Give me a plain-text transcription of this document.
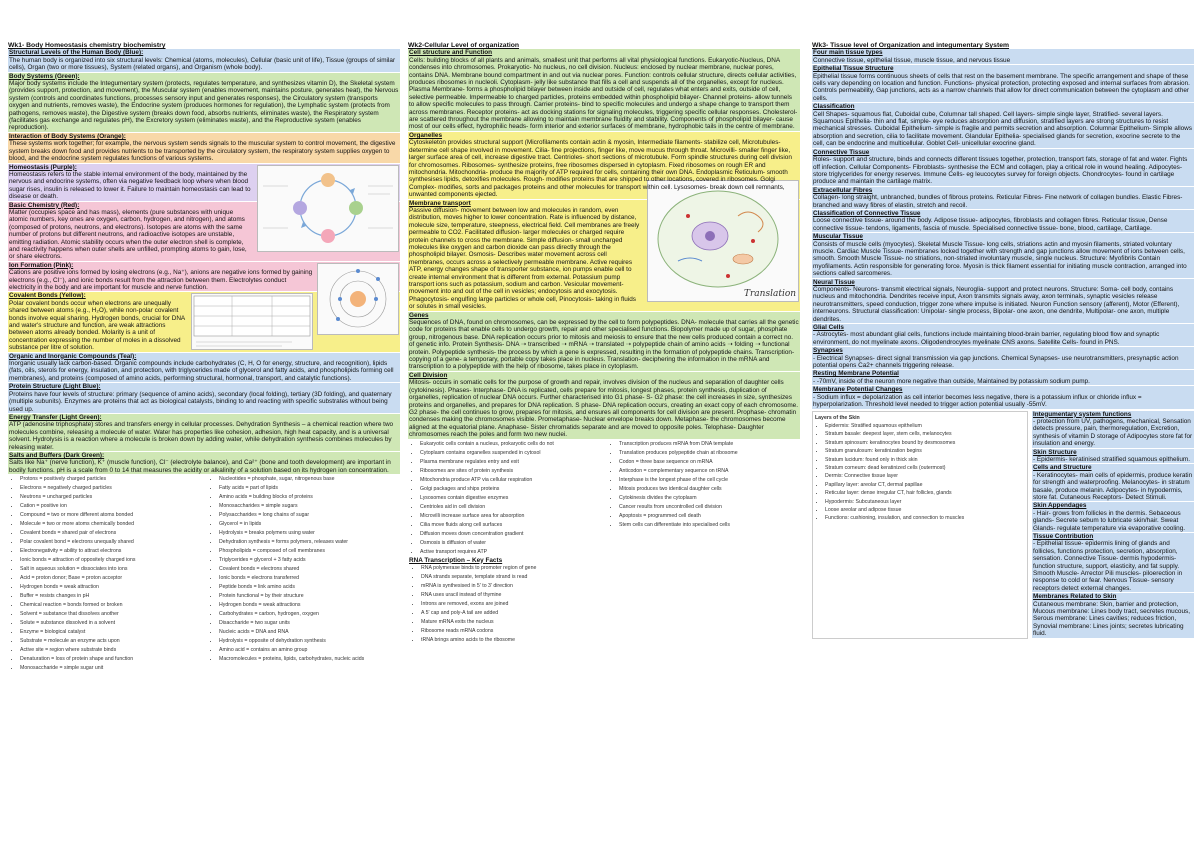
Wk1- Body Homeostasis chemistry biochemistry
Structural Levels of the Human Body (Blue):
The human body is organized into six structural levels: Chemical (atoms, molecules), Cellular (basic unit of life), Tissue (groups of similar cells), Organ (two or more tissues), System (related organs), and Organism (whole body).
Body Systems (Green):
Major body systems include the Integumentary system (protects, regulates temperature, and synthesizes vitamin D), the Skeletal system (provides support, protection, and movement), the Muscular system (enables movement, maintains posture, generates heat), the Nervous system (controls and coordinates functions, processes sensory input and generates responses), the Circulatory system (transports oxygen and nutrients, removes waste), the Endocrine system (produces hormones for regulation), the Lymphatic system (protects from pathogens, removes waste), the Digestive system (breaks down food, absorbs nutrients, eliminates waste), the Respiratory system (facilitates gas exchange and regulates pH), the Excretory system (eliminates waste), and the Reproductive system (enables reproduction).
Interaction of Body Systems (Orange):
These systems work together; for example, the nervous system sends signals to the muscular system to control movement, the digestive system breaks down food and provides nutrients to be transported by the circulatory system, the respiratory system supplies oxygen to blood, and the endocrine system regulates functions of various systems.
Homeostasis (Purple):
Homeostasis refers to the stable internal environment of the body, maintained by the nervous and endocrine systems, often via negative feedback loop where when blood sugar rises, insulin is released to lower it. Failure to maintain homeostasis can lead to disease or death.
Basic Chemistry (Red):
Matter (occupies space and has mass), elements (pure substances with unique atomic numbers, key ones are oxygen, carbon, hydrogen, and nitrogen), and atoms (composed of protons, neutrons, and electrons). Isotopes are atoms with the same number of protons but different neutrons, and radioactive isotopes are unstable, emitting radiation. Atomic stability occurs when the outer electron shell is complete, and reactivity happens when outer shells are unfilled, prompting atoms to gain, lose, or share electrons.
Ion Formation (Pink):
Cations are positive ions formed by losing electrons (e.g., Na⁺), anions are negative ions formed by gaining electrons (e.g., Cl⁻), and ionic bonds result from the attraction between them. Electrolytes conduct electricity in the body and are important for muscle and nerve function.
Covalent Bonds (Yellow):
Polar covalent bonds occur when electrons are unequally shared between atoms (e.g., H₂O), while non-polar covalent bonds involve equal sharing. Hydrogen bonds, crucial for DNA and water's structure and function, are weak attractions between atoms already bonded. Molarity is a unit of concentration expressing the number of moles in a dissolved substance per litre of solution.
Organic and Inorganic Compounds (Teal):
Inorganic usually lack carbon-based. Organic compounds include carbohydrates (C, H, O for energy, structure, and recognition), lipids (fats, oils, sterols for energy, insulation, and protection, with triglycerides made of glycerol and fatty acids, and phospholipids forming cell membranes), and proteins (composed of amino acids, performing structural, hormonal, transport, and catalytic functions).
Protein Structure (Light Blue):
Proteins have four levels of structure: primary (sequence of amino acids), secondary (local folding), tertiary (3D folding), and quaternary (multiple subunits). Enzymes are proteins that act as biological catalysts, binding to and reacting with specific substrates without being used up.
Energy Transfer (Light Green):
ATP (adenosine triphosphate) stores and transfers energy in cellular processes. Dehydration Synthesis – a chemical reaction where two molecules combine, releasing a molecule of water. Water has properties like cohesion, adhesion, high heat capacity, and is a universal solvent. Hydrolysis is a reaction where a molecule is broken down by adding water, while dehydration synthesis combines molecules by releasing water.
Salts and Buffers (Dark Green):
Salts like Na⁺ (nerve function), K⁺ (muscle function), Cl⁻ (electrolyte balance), and Ca²⁺ (bone and tooth development) are important in bodily functions. pH is a scale from 0 to 14 that measures the acidity or alkalinity of a solution based on its hydrogen ion concentration.
• Protons = positively charged particles
• Electrons = negatively charged particles
• Neutrons = uncharged particles
• Cation = positive ion
• Compound = two or more different atoms bonded
• Molecule = two or more atoms chemically bonded
• Covalent bonds = shared pair of electrons
• Polar covalent bond = electrons unequally shared
• Electronegativity = ability to attract electrons
• Ionic bonds = attraction of oppositely charged ions
• Salt in aqueous solution = dissociates into ions
• Acid = proton donor; Base = proton acceptor
• Hydrogen bonds = weak attraction
• Buffer = resists changes in pH
• Chemical reaction = bonds formed or broken
• Solvent = substance that dissolves another
• Solute = substance dissolved in a solvent
• Enzyme = biological catalyst
• Substrate = molecule an enzyme acts upon
• Active site = region where substrate binds
• Denaturation = loss of protein shape and function
• Monosaccharide = simple sugar unit
• Nucleotides = phosphate, sugar, nitrogenous base
• Fatty acids = part of lipids
• Amino acids = building blocks of proteins
• Monosaccharides = simple sugars
• Polysaccharides = long chains of sugar
• Glycerol = in lipids
• Hydrolysis = breaks polymers using water
• Dehydration synthesis = forms polymers, releases water
• Phospholipids = composed of cell membranes
• Triglycerides = glycerol + 3 fatty acids
• Covalent bonds = electrons shared
• Ionic bonds = electrons transferred
• Peptide bonds = link amino acids
• Protein functional = by their structure
• Hydrogen bonds = weak attractions
• Carbohydrates = carbon, hydrogen, oxygen
• Disaccharide = two sugar units
• Nucleic acids = DNA and RNA
• Hydrolysis = opposite of dehydration synthesis
• Amino acid = contains an amino group
• Macromolecules = proteins, lipids, carbohydrates, nucleic acids
Wk2-Cellular Level of organization
Cell structure and Function
Cells: building blocks of all plants and animals, smallest unit that performs all vital physiological functions. Eukaryotic-Nucleus, DNA condenses into chromosomes. Prokaryotic- No nucleus, no cell division. Nucleus: enclosed by nuclear membrane, nuclear pores, contains DNA. Membrane bound compartment in and out via nuclear pores. Function: controls cellular structure, directs cellular activities, produces ribosomes in nucleoli. Cytoplasm- jelly like substance that fills a cell and suspends all of the organelles, except for nucleus. Plasma Membrane- forms a phospholipid bilayer between inside and outside of cell, regulates what enters and exits, outside of cell, selective permeable. Impermeable to charged particles, proteins embedded within phospholipid bilayer- Channel proteins- allow tunnels to allow specific molecules to pass through. Carrier proteins- bind to specific molecules and undergo a shape change to transport them across membranes. Receptor proteins- act as docking stations for signaling molecules, triggering specific cellular responses. Cholesterol- are scattered throughout the membrane allowing to maintain membrane fluidity and stability. Components of phospholipid bilayer- cause most of our cells effect, hydrophilic heads- form interior and exterior surfaces of membrane, hydrophobic tails in the centre of membrane.
Organelles
Cytoskeleton provides structural support (Microfilaments contain actin & myosin, Intermediate filaments- stabilize cell, Microtubules- determine cell shape involved in movement. Cilia- fine projections, finger like, move mucus through throat. Microvilli- smaller finger like, larger surface area of cell, increase digestive tract. Centrioles- short sections of microtubule. Form spindle structures during cell division for chromosomes. Ribosomes- synthesize proteins, free ribosomes dispersed in cytoplasm. Fixed ribosomes on rough ER and mitochondria. Mitochondria- produce the majority of ATP required for cells, containing their own DNA. Endoplasmic Reticulum- smooth synthesises lipids, detoxifies molecules. Rough- modifies proteins that are shipped to other locations, covered in ribosomes. Golgi Complex- modifies, sorts and packages proteins and other molecules for transport within cell. Lysosomes- break down cell remnants, unwanted components ejected.
Translation
Membrane transport
Passive diffusion- movement between low and molecules in random, even distribution, moves higher to lower concentration. Rate is influenced by distance, molecule size, temperature, steepness, electrical field. Cell membranes are freely permeable to CO2. Facilitated diffusion- larger molecules or charged require protein channels to cross the membrane. Simple diffusion- small uncharged molecules like oxygen and carbon dioxide can pass directly through the phospholipid bilayer. Osmosis- Describes water movement across cell membranes, occurs across a selectively permeable membrane. Active requires ATP, energy changes shape of transporter substance, ion pumps enable cell to create internal environment that is different from external. Potassium pump transport ions such as potassium, sodium and carbon. Vesicular movement- movement into and out of the cell in vesicles; endocytosis and exocytosis. Phagocytosis- engulfing large particles or whole cell, Pinocytosis- taking in fluids or solutes in small vesicles.
Genes
Sequences of DNA, found on chromosomes, can be expressed by the cell to form polypeptides. DNA- molecule that carries all the genetic code for proteins that enable cells to undergo growth, repair and other specialised functions. Biopolymer made up of sugar, phosphate group, nitrogenous base. DNA replication occurs prior to mitosis and meiosis to ensure that the new cells produced contain a correct no. of genetic info. Protein Synthesis- DNA ➝ transcribed ➝ mRNA ➝ translated ➝ polypeptide chain of amino acids ➝ folding ➝ functional protein. Polypeptide synthesis- the process by which a gene is expressed, resulting in the formation of polypeptide chains. Transcription- copying of a gene- a temporary, portable copy takes place in nucleus. Translation- deciphering the information in the mRNA and transcription to a polypeptide with the help of ribosome, takes place in cytoplasm.
Cell Division
Mitosis- occurs in somatic cells for the purpose of growth and repair, involves division of the nucleus and separation of daughter cells (cytokinesis). Phases- Interphase- DNA is replicated, cells prepare for mitosis, longest phases, protein synthesis, duplication of organelles, replication of nuclear DNA occurs. Further characterised into G1 phase- S- G2 phase: the cell increases in size, synthesizes proteins and organelles, and prepares for DNA replication. S phase- DNA replication occurs, creating an exact copy of each chromosome. G2 phase- the cell continues to grow, prepares for mitosis, and ensures all components for cell division are present. Prophase- chromatin condenses making the chromosomes visible. Prometaphase- Nuclear envelope breaks down. Metaphase- the chromosomes become aligned at the equatorial plane. Anaphase- Sister chromatids separate and are moved to opposite poles. Telophase- Daughter chromosomes reach the poles and form two new nuclei.
• Eukaryotic cells contain a nucleus, prokaryotic cells do not
• Cytoplasm contains organelles suspended in cytosol
• Plasma membrane regulates entry and exit
• Ribosomes are sites of protein synthesis
• Mitochondria produce ATP via cellular respiration
• Golgi packages and ships proteins
• Lysosomes contain digestive enzymes
• Centrioles aid in cell division
• Microvilli increase surface area for absorption
• Cilia move fluids along cell surfaces
• Diffusion moves down concentration gradient
• Osmosis is diffusion of water
• Active transport requires ATP
• Transcription produces mRNA from DNA template
• Translation produces polypeptide chain at ribosome
• Codon = three base sequence on mRNA
• Anticodon = complementary sequence on tRNA
• Interphase is the longest phase of the cell cycle
• Mitosis produces two identical daughter cells
• Cytokinesis divides the cytoplasm
• Cancer results from uncontrolled cell division
• Apoptosis = programmed cell death
• Stem cells can differentiate into specialised cells
RNA Transcription – Key Facts
• RNA polymerase binds to promoter region of gene
• DNA strands separate, template strand is read
• mRNA is synthesised in 5' to 3' direction
• RNA uses uracil instead of thymine
• Introns are removed, exons are joined
• A 5' cap and poly-A tail are added
• Mature mRNA exits the nucleus
• Ribosome reads mRNA codons
• tRNA brings amino acids to the ribosome
Wk3- Tissue level of Organization and integumentary System
Four main tissue types
Connective tissue, epithelial tissue, muscle tissue, and nervous tissue
Epithelial Tissue Structure
Epithelial tissue forms continuous sheets of cells that rest on the basement membrane. The specific arrangement and shape of these cells vary depending on location and function. Functions- physical protection, protecting exposed and internal surfaces from abrasion. Controls permeability, Gap junctions, acts as a narrow channels that allow for direct communication between the cytoplasm and other cells.
Classification
Cell Shapes- squamous flat, Cuboidal cube, Columnar tall shaped. Cell layers- simple single layer, Stratified- several layers. Squamous Epithelia- thin and flat, simple- eye reduces absorption and diffusion, stratified layers are strong structures to resist mechanical stresses. Cuboidal Epithelium- simple is fragile and permits secretion and absorption. Columnar Epithelium- Simple allows absorption and secretion, cilia to facilitate movement. Glandular Epithelia- specialised glands for secretion, exocrine secrete to the cell, can be endocrine and multicellular. Goblet Cell- unicellular exocrine gland.
Connective Tissue
Roles- support and structure, binds and connects different tissues together, protection, transport fats, storage of fat and water. Fights off infection. Cellular Components- Fibroblasts- synthesise the ECM and collagen, play a critical role in wound healing. Adipocytes- store triglycerides for energy reserves. Immune Cells- eg leucocytes survey for foreign objects. Chondrocytes- found in cartilage produce and maintain the cartilage matrix.
Extracellular Fibres
Collagen- long straight, unbranched, bundles of fibrous proteins. Reticular Fibres- Fine network of collagen bundles. Elastic Fibres- branched and wavy fibres of elastin, stretch and recoil.
Classification of Connective Tissue
Loose connective tissue- around the body. Adipose tissue- adipocytes, fibroblasts and collagen fibres. Reticular tissue, Dense connective tissue- tendons, ligaments, fascia of muscle. Specialised connective tissue- bone, blood, cartilage, Cartilage.
Muscular Tissue
Consists of muscle cells (myocytes). Skeletal Muscle Tissue- long cells, striations actin and myosin filaments, striated voluntary muscle. Cardiac Muscle Tissue- membranes locked together with strength and gap junctions allow movement of ions between cells, smooth. Smooth Muscle Tissue- no striations, non-striated involuntary muscle, single nucleus. Structure: Myofibrils Contain myofilaments. Actin responsible for generating force. Myosin is thick filament essential for initiating muscle contraction, arranged into sections called sarcomeres.
Neural Tissue
Components- Neurons- transmit electrical signals, Neuroglia- support and protect neurons. Structure: Soma- cell body, contains nucleus and mitochondria. Dendrites receive input, Axon transmits signals away, axon terminals, synaptic vesicles release neurotransmitters, speed conduction, trigger zone where impulse is initiated. Neuron Function sensory (afferent), Motor (Efferent), interneurons. Structural classification: Unipolar- single process, Bipolar- one axon, one dendrite, Multipolar- one axon, multiple dendrites.
Glial Cells
- Astrocytes- most abundant glial cells, functions include maintaining blood-brain barrier, regulating blood flow and synaptic environment, do not myelinate axons. Oligodendrocytes myelinate CNS axons. Satellite Cells- found in PNS.
Synapses
- Electrical Synapses- direct signal transmission via gap junctions. Chemical Synapses- use neurotransmitters, presynaptic action potential opens Ca2+ channels triggering release.
Resting Membrane Potential
- -70mV, inside of the neuron more negative than outside, Maintained by potassium sodium pump.
Membrane Potential Changes
- Sodium influx = depolarization as cell interior becomes less negative, there is a potassium influx or chloride influx = hyperpolarization. Threshold level needed to trigger action potential usually -55mV.
Layers of the Skin
• Epidermis: Stratified squamous epithelium
• Stratum basale: deepest layer, stem cells, melanocytes
• Stratum spinosum: keratinocytes bound by desmosomes
• Stratum granulosum: keratinization begins
• Stratum lucidum: found only in thick skin
• Stratum corneum: dead keratinized cells (outermost)
• Dermis: Connective tissue layer
• Papillary layer: areolar CT, dermal papillae
• Reticular layer: dense irregular CT, hair follicles, glands
• Hypodermis: Subcutaneous layer
• Loose areolar and adipose tissue
• Functions: cushioning, insulation, and connection to muscles
Integumentary system functions
- protection from UV, pathogens, mechanical, Sensation detects pressure, pain, thermoregulation, Excretion, synthesis of vitamin D storage of Adipocytes store fat for insulation and energy.
Skin Structure
- Epidermis- keratinised stratified squamous epithelium.
Cells and Structure
- Keratinocytes- main cells of epidermis, produce keratin for strength and waterproofing. Melanocytes- in stratum basale, produce melanin. Adipocytes- in hypodermis, store fat. Cutaneous Receptors- Detect Stimuli.
Skin Appendages
- Hair- grows from follicles in the dermis. Sebaceous glands- Secrete sebum to lubricate skin/hair. Sweat Glands- regulate temperature via evaporative cooling.
Tissue Contribution
- Epithelial tissue- epidermis lining of glands and follicles, functions protection, secretion, absorption, sensation. Connective Tissue- dermis hypodermis- function structure, support, elasticity, and fat supply. Smooth Muscle- Arrector Pili muscles- piloerection in response to cold or fear. Nervous Tissue- sensory receptors detect external changes.
Membranes Related to Skin
Cutaneous membrane: Skin, barrier and protection, Mucous membrane: Lines body tract, secretes mucous, Serous membrane: Lines cavities; reduces friction, Synovial membrane: Lines joints; secretes lubricating fluid.
